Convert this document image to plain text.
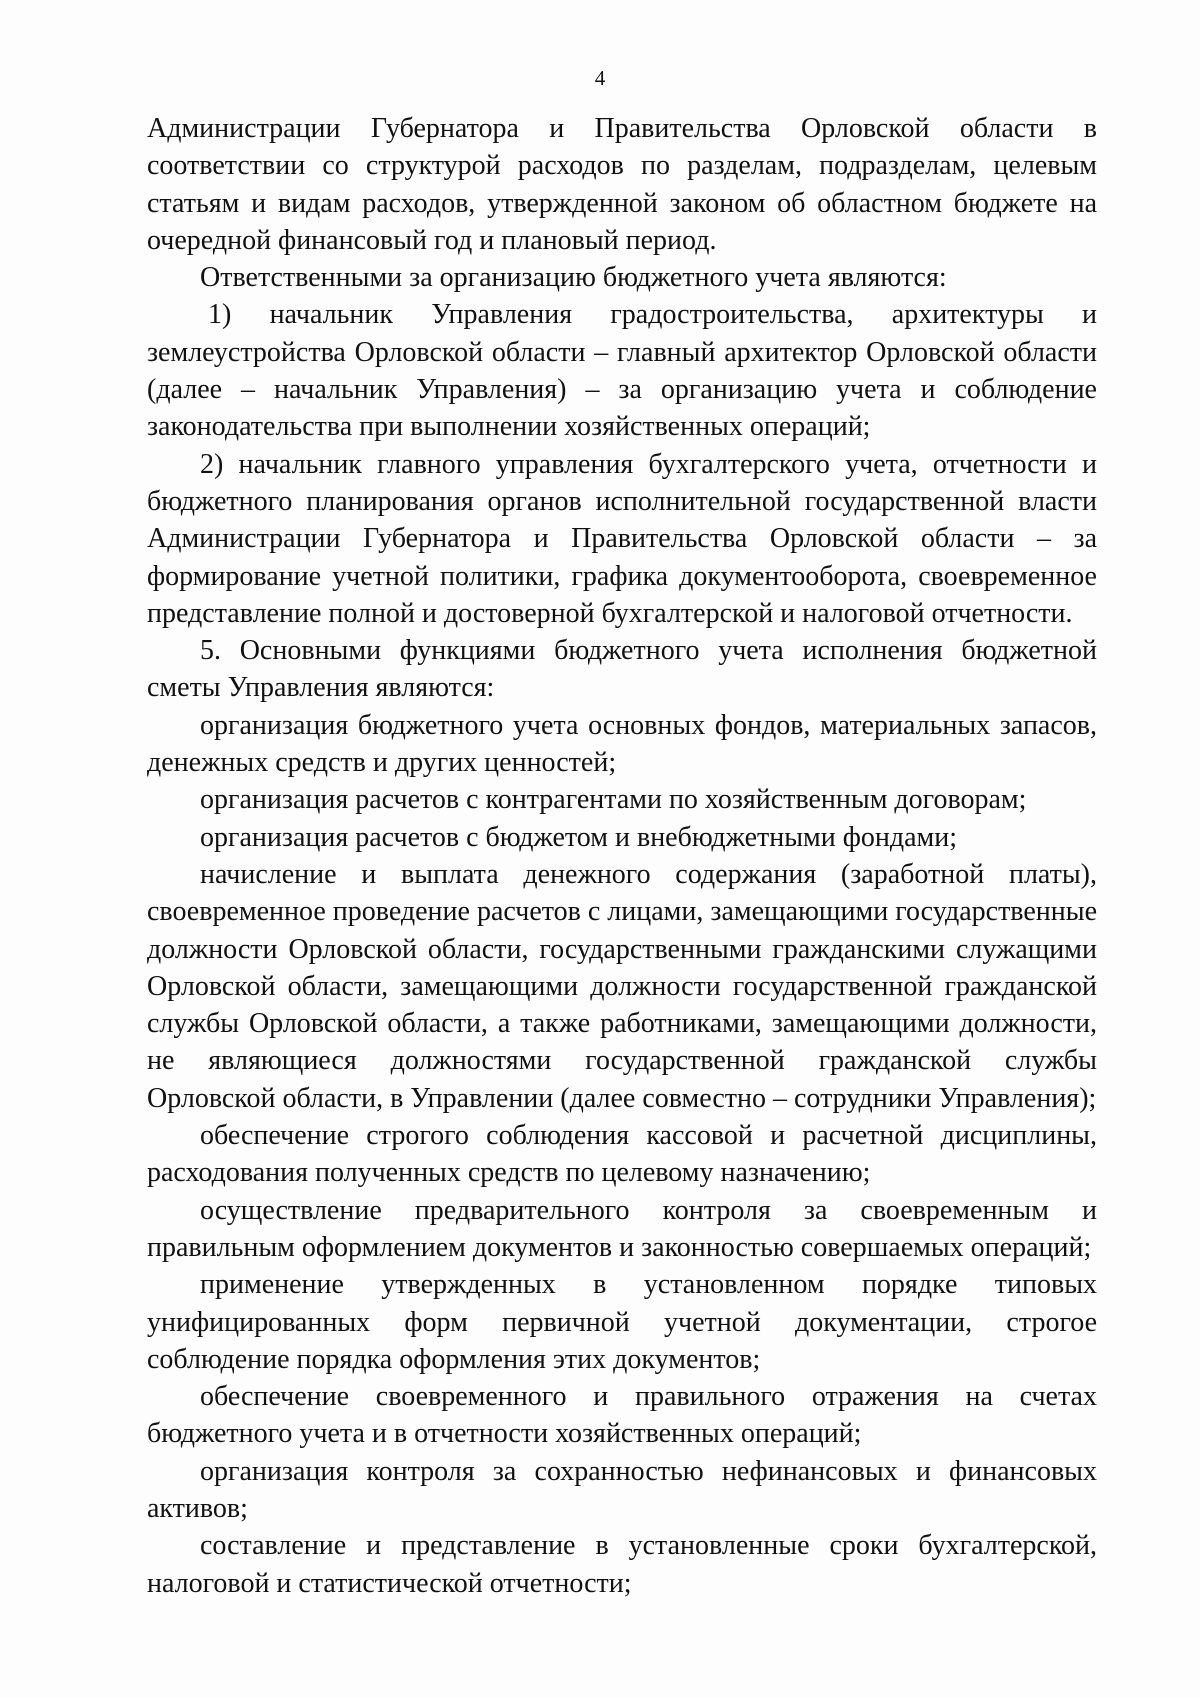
4

Администрации Губернатора и Правительства Орловской области в соответствии со структурой расходов по разделам, подразделам, целевым статьям и видам расходов, утвержденной законом об областном бюджете на очередной финансовый год и плановый период.

Ответственными за организацию бюджетного учета являются:

1) начальник Управления градостроительства, архитектуры и землеустройства Орловской области – главный архитектор Орловской области (далее – начальник Управления) – за организацию учета и соблюдение законодательства при выполнении хозяйственных операций;

2) начальник главного управления бухгалтерского учета, отчетности и бюджетного планирования органов исполнительной государственной власти Администрации Губернатора и Правительства Орловской области – за формирование учетной политики, графика документооборота, своевременное представление полной и достоверной бухгалтерской и налоговой отчетности.

5. Основными функциями бюджетного учета исполнения бюджетной сметы Управления являются:

организация бюджетного учета основных фондов, материальных запасов, денежных средств и других ценностей;

организация расчетов с контрагентами по хозяйственным договорам;

организация расчетов с бюджетом и внебюджетными фондами;

начисление и выплата денежного содержания (заработной платы), своевременное проведение расчетов с лицами, замещающими государственные должности Орловской области, государственными гражданскими служащими Орловской области, замещающими должности государственной гражданской службы Орловской области, а также работниками, замещающими должности, не являющиеся должностями государственной гражданской службы Орловской области, в Управлении (далее совместно – сотрудники Управления);

обеспечение строгого соблюдения кассовой и расчетной дисциплины, расходования полученных средств по целевому назначению;

осуществление предварительного контроля за своевременным и правильным оформлением документов и законностью совершаемых операций;

применение утвержденных в установленном порядке типовых унифицированных форм первичной учетной документации, строгое соблюдение порядка оформления этих документов;

обеспечение своевременного и правильного отражения на счетах бюджетного учета и в отчетности хозяйственных операций;

организация контроля за сохранностью нефинансовых и финансовых активов;

составление и представление в установленные сроки бухгалтерской, налоговой и статистической отчетности;
